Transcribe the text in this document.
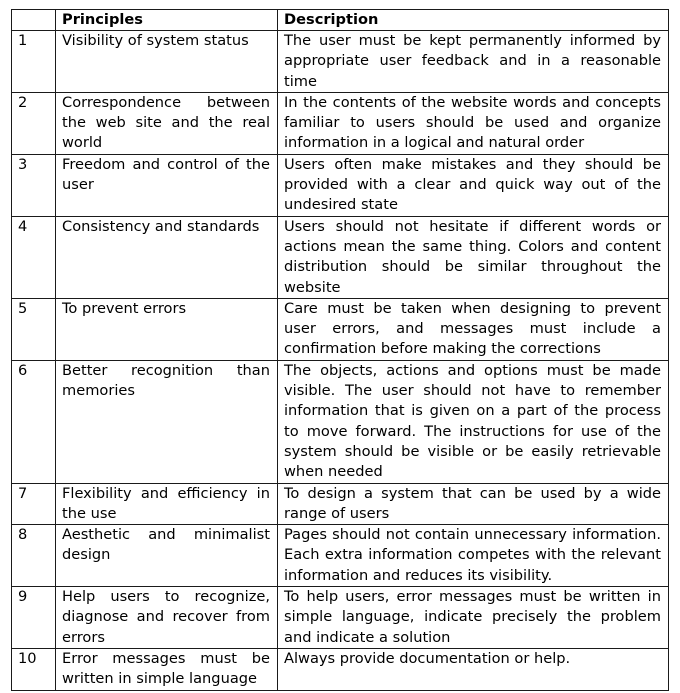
	Principles	Description
1	Visibility of system status	The user must be kept permanently informed by appropriate user feedback and in a reasonable time
2	Correspondence between the web site and the real world	In the contents of the website words and concepts familiar to users should be used and organize information in a logical and natural order
3	Freedom and control of the user	Users often make mistakes and they should be provided with a clear and quick way out of the undesired state
4	Consistency and standards	Users should not hesitate if different words or actions mean the same thing. Colors and content distribution should be similar throughout the website
5	To prevent errors	Care must be taken when designing to prevent user errors, and messages must include a confirmation before making the corrections
6	Better recognition than memories	The objects, actions and options must be made visible. The user should not have to remember information that is given on a part of the process to move forward. The instructions for use of the system should be visible or be easily retrievable when needed
7	Flexibility and efficiency in the use	To design a system that can be used by a wide range of users
8	Aesthetic and minimalist design	Pages should not contain unnecessary information. Each extra information competes with the relevant information and reduces its visibility.
9	Help users to recognize, diagnose and recover from errors	To help users, error messages must be written in simple language, indicate precisely the problem and indicate a solution
10	Error messages must be written in simple language	Always provide documentation or help.
